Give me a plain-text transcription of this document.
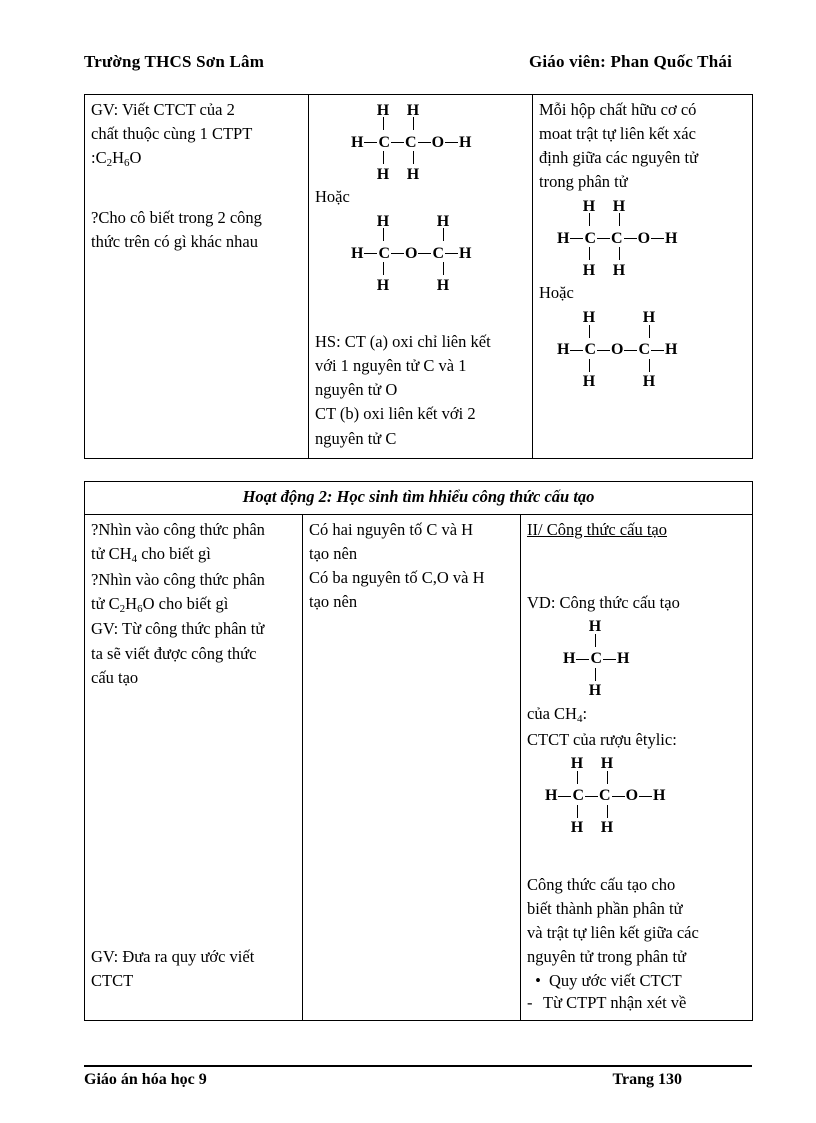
Trường THCS Sơn Lâm	Giáo viên: Phan Quốc Thái

GV: Viết CTCT của 2

chất thuộc cùng 1 CTPT

$:C_2H_6O$

?Cho cô biết trong 2 công

thức trên có gì khác nhau

H	H
H C C O H
H	H

Hoặc

H	H
H C O C H
H	H

HS: CT (a) oxi chỉ liên kết

với 1 nguyên tử C và 1

nguyên tử O

CT (b) oxi liên kết với 2

nguyên tử C

Mỗi hộp chất hữu cơ có

moat trật tự liên kết xác

định giữa các nguyên tử

trong phân tử

H	H
H C C O H
H	H

Hoặc

H	H
H C O C H
H	H
Hoạt động 2: Học sinh tìm hhiểu công thức cấu tạo

?Nhìn vào công thức phân

tử $CH_4$ cho biết gì

?Nhìn vào công thức phân

tử $C_2H_6O$ cho biết gì

GV: Từ công thức phân tử

ta sẽ viết được công thức

cấu tạo

GV: Đưa ra quy ước viết

CTCT

Có hai nguyên tố C và H

tạo nên

Có ba nguyên tố C,O và H

tạo nên

II/ Công thức cấu tạo

VD: Công thức cấu tạo

H
H C H
H

của $CH_4$:

CTCT của rượu êtylic:

H	H
H C C O H
H	H

Công thức cấu tạo cho

biết thành phần phân tử

và trật tự liên kết giữa các

nguyên tử trong phân tử

• Quy ước viết CTCT
- Từ CTPT nhận xét về
Giáo án hóa học 9	Trang 130
